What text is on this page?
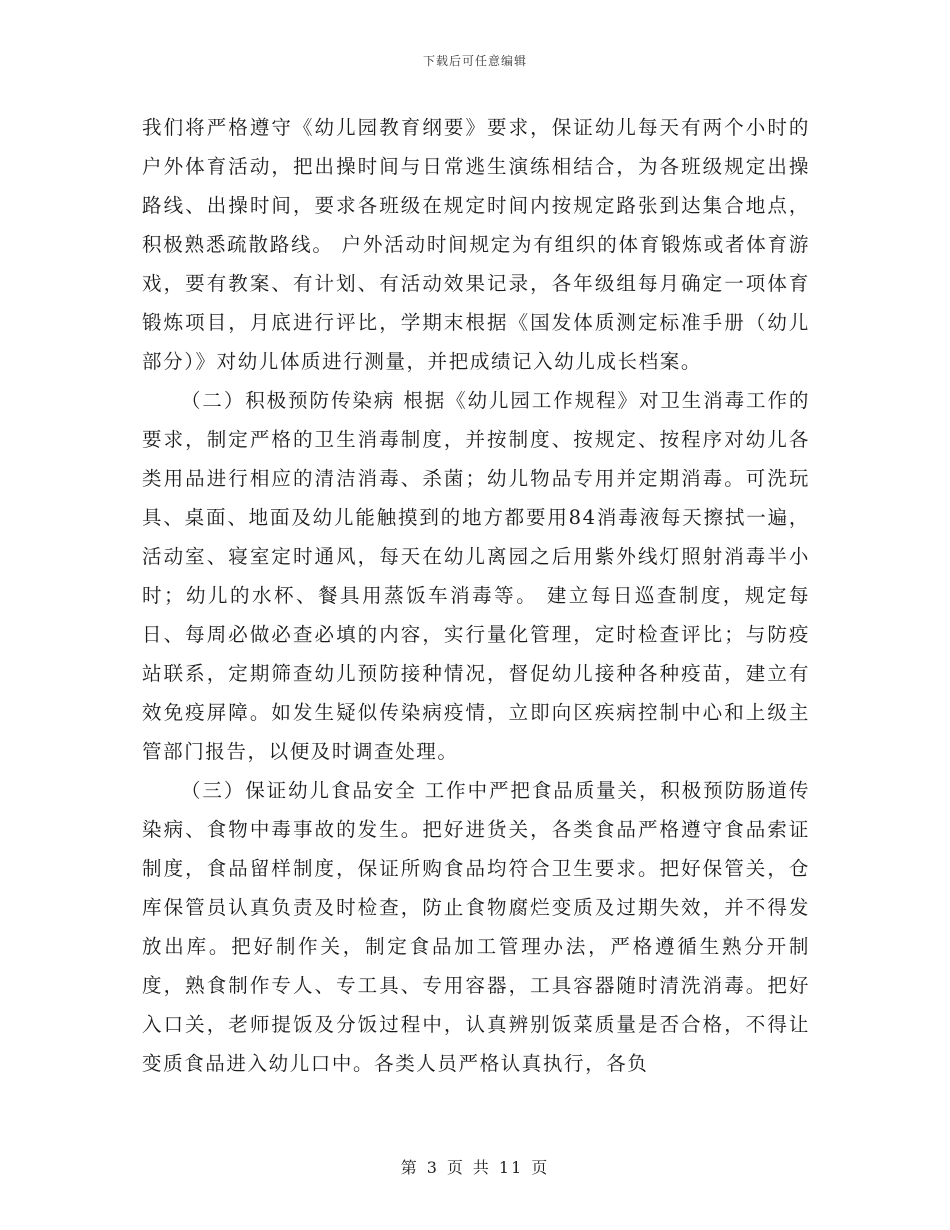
下载后可任意编辑

我们将严格遵守《幼儿园教育纲要》要求，保证幼儿每天有两个小时的户外体育活动，把出操时间与日常逃生演练相结合，为各班级规定出操路线、出操时间，要求各班级在规定时间内按规定路张到达集合地点，积极熟悉疏散路线。 户外活动时间规定为有组织的体育锻炼或者体育游戏，要有教案、有计划、有活动效果记录，各年级组每月确定一项体育锻炼项目，月底进行评比，学期末根据《国发体质测定标准手册（幼儿部分）》对幼儿体质进行测量，并把成绩记入幼儿成长档案。

（二）积极预防传染病 根据《幼儿园工作规程》对卫生消毒工作的要求，制定严格的卫生消毒制度，并按制度、按规定、按程序对幼儿各类用品进行相应的清洁消毒、杀菌；幼儿物品专用并定期消毒。可洗玩具、桌面、地面及幼儿能触摸到的地方都要用84消毒液每天擦拭一遍，活动室、寝室定时通风，每天在幼儿离园之后用紫外线灯照射消毒半小时；幼儿的水杯、餐具用蒸饭车消毒等。 建立每日巡查制度，规定每日、每周必做必查必填的内容，实行量化管理，定时检查评比；与防疫站联系，定期筛查幼儿预防接种情况，督促幼儿接种各种疫苗，建立有效免疫屏障。如发生疑似传染病疫情，立即向区疾病控制中心和上级主管部门报告，以便及时调查处理。

（三）保证幼儿食品安全 工作中严把食品质量关，积极预防肠道传染病、食物中毒事故的发生。把好进货关，各类食品严格遵守食品索证制度，食品留样制度，保证所购食品均符合卫生要求。把好保管关，仓库保管员认真负责及时检查，防止食物腐烂变质及过期失效，并不得发放出库。把好制作关，制定食品加工管理办法，严格遵循生熟分开制度，熟食制作专人、专工具、专用容器，工具容器随时清洗消毒。把好入口关，老师提饭及分饭过程中，认真辨别饭菜质量是否合格，不得让变质食品进入幼儿口中。各类人员严格认真执行，各负

第 3 页 共 11 页
